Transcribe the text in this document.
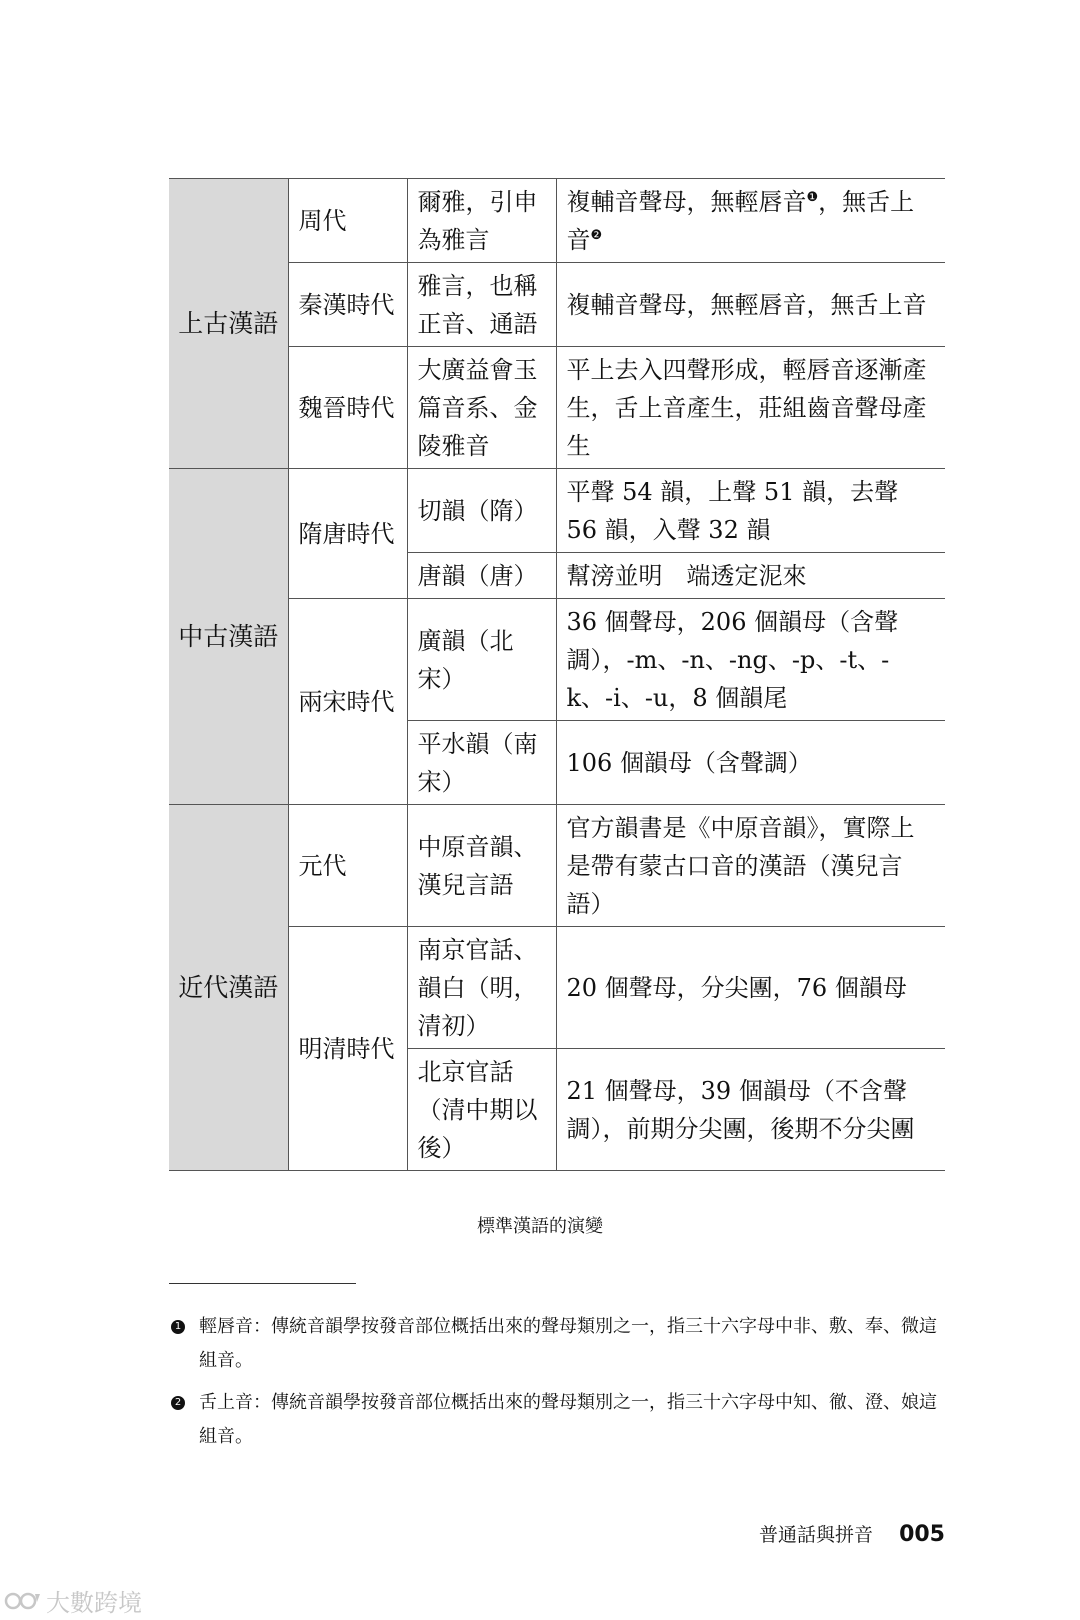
上古漢語	周代	爾雅，引申為雅言	複輔音聲母，無輕唇音$^❶$，無舌上音$^❷$
	秦漢時代	雅言，也稱正音、通語	複輔音聲母，無輕唇音，無舌上音
	魏晉時代	大廣益會玉篇音系、金陵雅音	平上去入四聲形成，輕唇音逐漸產生，舌上音產生，莊組齒音聲母產生
中古漢語	隋唐時代	切韻（隋）	平聲 54 韻，上聲 51 韻，去聲 56 韻，入聲 32 韻
		唐韻（唐）	幫滂並明　端透定泥來
	兩宋時代	廣韻（北宋）	36 個聲母，206 個韻母（含聲調），-m、-n、-ng、-p、-t、-k、-i、-u，8 個韻尾
		平水韻（南宋）	106 個韻母（含聲調）
近代漢語	元代	中原音韻、漢兒言語	官方韻書是《中原音韻》，實際上是帶有蒙古口音的漢語（漢兒言語）
	明清時代	南京官話、韻白（明，清初）	20 個聲母，分尖團，76 個韻母
		北京官話（清中期以後）	21 個聲母，39 個韻母（不含聲調），前期分尖團，後期不分尖團
標準漢語的演變
1 輕唇音：傳統音韻學按發音部位概括出來的聲母類別之一，指三十六字母中非、敷、奉、微這組音。
2 舌上音：傳統音韻學按發音部位概括出來的聲母類別之一，指三十六字母中知、徹、澄、娘這組音。
普通話與拼音 005
大數跨境
